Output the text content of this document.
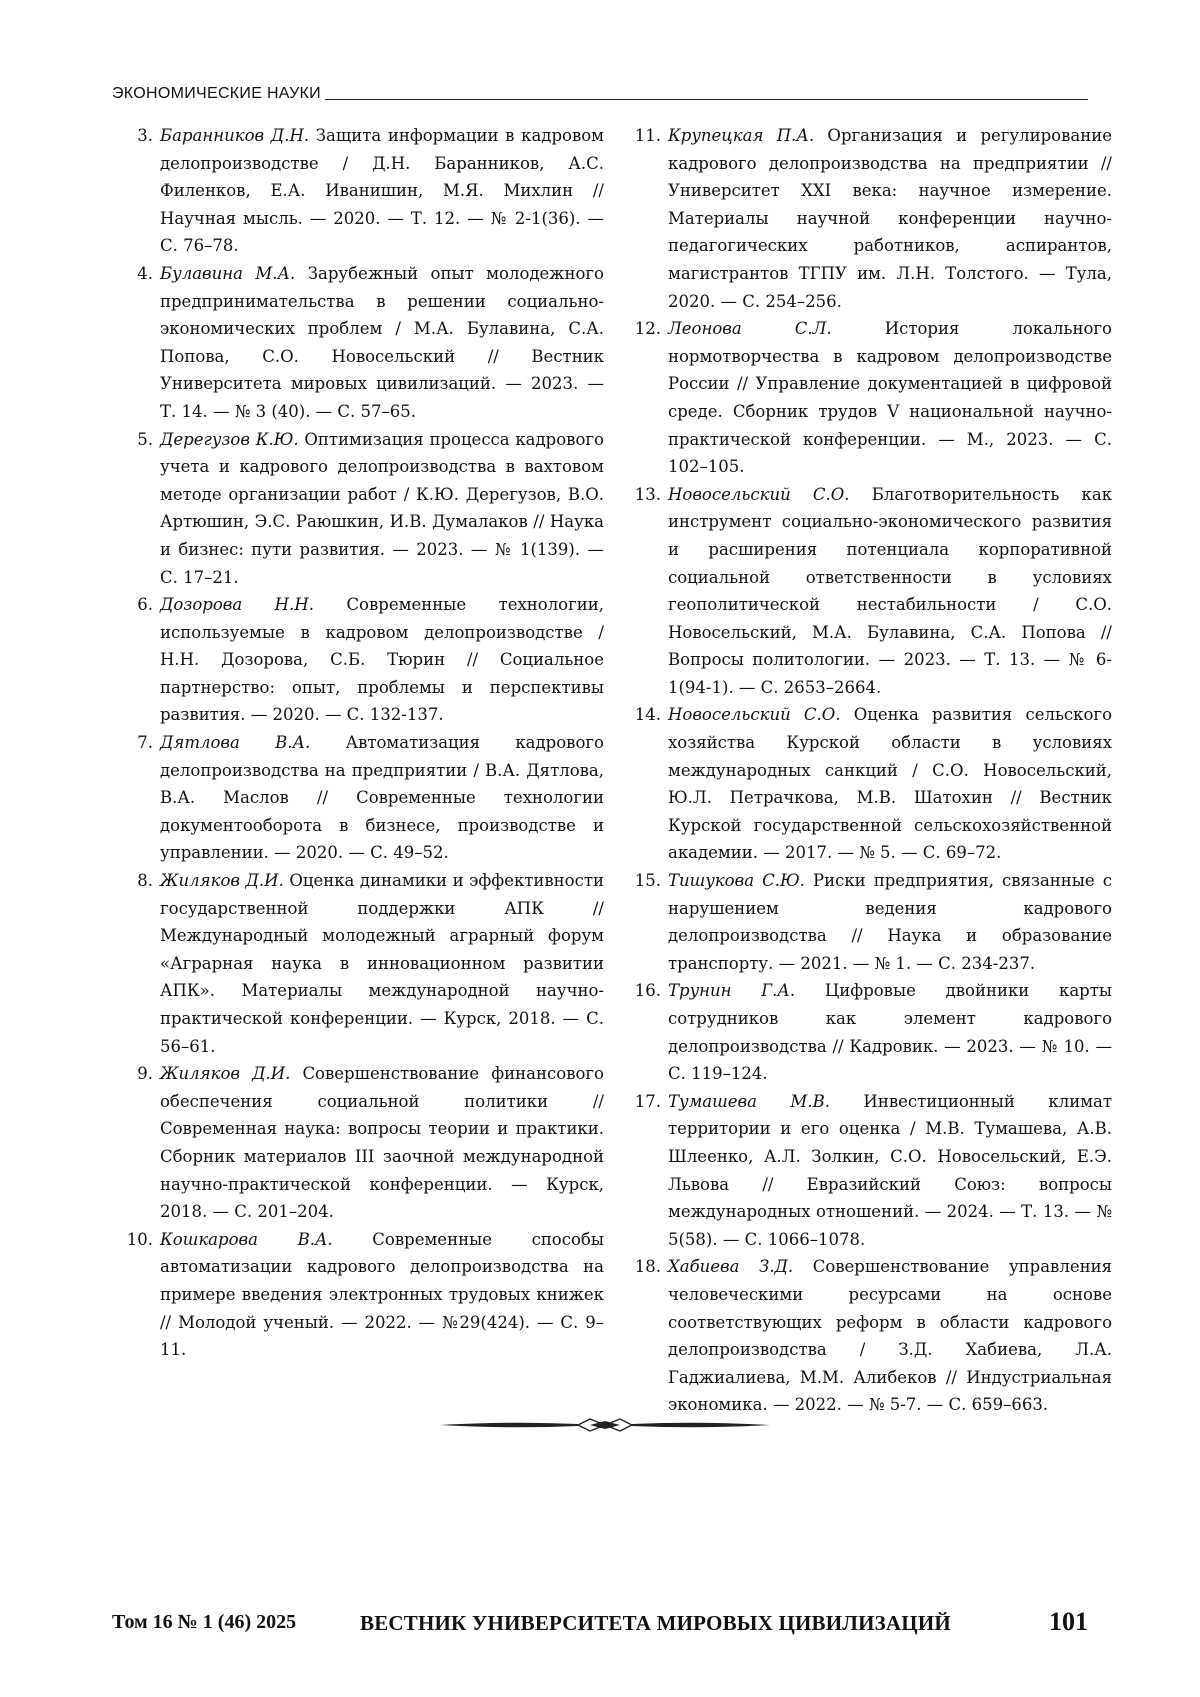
ЭКОНОМИЧЕСКИЕ НАУКИ
3. Баранников Д.Н. Защита информации в кадровом делопроизводстве / Д.Н. Баранников, А.С. Филенков, Е.А. Иванишин, М.Я. Михлин // Научная мысль. — 2020. — Т. 12. — № 2-1(36). — С. 76–78.
4. Булавина М.А. Зарубежный опыт молодежного предпринимательства в решении социально-экономических проблем / М.А. Булавина, С.А. Попова, С.О. Новосельский // Вестник Университета мировых цивилизаций. — 2023. — Т. 14. — № 3 (40). — С. 57–65.
5. Дерегузов К.Ю. Оптимизация процесса кадрового учета и кадрового делопроизводства в вахтовом методе организации работ / К.Ю. Дерегузов, В.О. Артюшин, Э.С. Раюшкин, И.В. Думалаков // Наука и бизнес: пути развития. — 2023. — № 1(139). — С. 17–21.
6. Дозорова Н.Н. Современные технологии, используемые в кадровом делопроизводстве / Н.Н. Дозорова, С.Б. Тюрин // Социальное партнерство: опыт, проблемы и перспективы развития. — 2020. — С. 132-137.
7. Дятлова В.А. Автоматизация кадрового делопроизводства на предприятии / В.А. Дятлова, В.А. Маслов // Современные технологии документооборота в бизнесе, производстве и управлении. — 2020. — С. 49–52.
8. Жиляков Д.И. Оценка динамики и эффективности государственной поддержки АПК // Международный молодежный аграрный форум «Аграрная наука в инновационном развитии АПК». Материалы международной научно-практической конференции. — Курск, 2018. — С. 56–61.
9. Жиляков Д.И. Совершенствование финансового обеспечения социальной политики // Современная наука: вопросы теории и практики. Сборник материалов III заочной международной научно-практической конференции. — Курск, 2018. — С. 201–204.
10. Кошкарова В.А. Современные способы автоматизации кадрового делопроизводства на примере введения электронных трудовых книжек // Молодой ученый. — 2022. — №29(424). — С. 9–11.
11. Крупецкая П.А. Организация и регулирование кадрового делопроизводства на предприятии // Университет XXI века: научное измерение. Материалы научной конференции научно-педагогических работников, аспирантов, магистрантов ТГПУ им. Л.Н. Толстого. — Тула, 2020. — С. 254–256.
12. Леонова С.Л. История локального нормотворчества в кадровом делопроизводстве России // Управление документацией в цифровой среде. Сборник трудов V национальной научно-практической конференции. — М., 2023. — С. 102–105.
13. Новосельский С.О. Благотворительность как инструмент социально-экономического развития и расширения потенциала корпоративной социальной ответственности в условиях геополитической нестабильности / С.О. Новосельский, М.А. Булавина, С.А. Попова // Вопросы политологии. — 2023. — Т. 13. — № 6-1(94-1). — С. 2653–2664.
14. Новосельский С.О. Оценка развития сельского хозяйства Курской области в условиях международных санкций / С.О. Новосельский, Ю.Л. Петрачкова, М.В. Шатохин // Вестник Курской государственной сельскохозяйственной академии. — 2017. — № 5. — С. 69–72.
15. Тишукова С.Ю. Риски предприятия, связанные с нарушением ведения кадрового делопроизводства // Наука и образование транспорту. — 2021. — № 1. — С. 234-237.
16. Трунин Г.А. Цифровые двойники карты сотрудников как элемент кадрового делопроизводства // Кадровик. — 2023. — № 10. — С. 119–124.
17. Тумашева М.В. Инвестиционный климат территории и его оценка / М.В. Тумашева, А.В. Шлеенко, А.Л. Золкин, С.О. Новосельский, Е.Э. Львова // Евразийский Союз: вопросы международных отношений. — 2024. — Т. 13. — № 5(58). — С. 1066–1078.
18. Хабиева З.Д. Совершенствование управления человеческими ресурсами на основе соответствующих реформ в области кадрового делопроизводства / З.Д. Хабиева, Л.А. Гаджиалиева, М.М. Алибеков // Индустриальная экономика. — 2022. — № 5-7. — С. 659–663.
Том 16 № 1 (46) 2025	ВЕСТНИК УНИВЕРСИТЕТА МИРОВЫХ ЦИВИЛИЗАЦИЙ	101
